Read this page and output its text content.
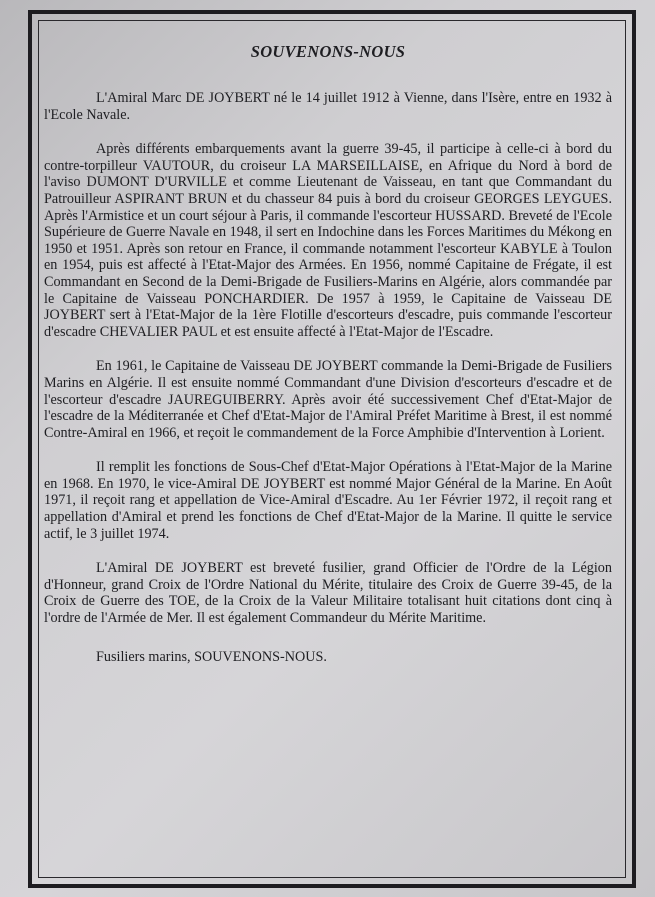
SOUVENONS-NOUS

L'Amiral Marc DE JOYBERT né le 14 juillet 1912 à Vienne, dans l'Isère, entre en 1932 à l'Ecole Navale.

Après différents embarquements avant la guerre 39-45, il participe à celle-ci à bord du contre-torpilleur VAUTOUR, du croiseur LA MARSEILLAISE, en Afrique du Nord à bord de l'aviso DUMONT D'URVILLE et comme Lieutenant de Vaisseau, en tant que Commandant du Patrouilleur ASPIRANT BRUN et du chasseur 84 puis à bord du croiseur GEORGES LEYGUES. Après l'Armistice et un court séjour à Paris, il commande l'escorteur HUSSARD. Breveté de l'Ecole Supérieure de Guerre Navale en 1948, il sert en Indochine dans les Forces Maritimes du Mékong en 1950 et 1951. Après son retour en France, il commande notamment l'escorteur KABYLE à Toulon en 1954, puis est affecté à l'Etat-Major des Armées. En 1956, nommé Capitaine de Frégate, il est Commandant en Second de la Demi-Brigade de Fusiliers-Marins en Algérie, alors commandée par le Capitaine de Vaisseau PONCHARDIER. De 1957 à 1959, le Capitaine de Vaisseau DE JOYBERT sert à l'Etat-Major de la 1ère Flotille d'escorteurs d'escadre, puis commande l'escorteur d'escadre CHEVALIER PAUL et est ensuite affecté à l'Etat-Major de l'Escadre.

En 1961, le Capitaine de Vaisseau DE JOYBERT commande la Demi-Brigade de Fusiliers Marins en Algérie. Il est ensuite nommé Commandant d'une Division d'escorteurs d'escadre et de l'escorteur d'escadre JAUREGUIBERRY. Après avoir été successivement Chef d'Etat-Major de l'escadre de la Méditerranée et Chef d'Etat-Major de l'Amiral Préfet Maritime à Brest, il est nommé Contre-Amiral en 1966, et reçoit le commandement de la Force Amphibie d'Intervention à Lorient.

Il remplit les fonctions de Sous-Chef d'Etat-Major Opérations à l'Etat-Major de la Marine en 1968. En 1970, le vice-Amiral DE JOYBERT est nommé Major Général de la Marine. En Août 1971, il reçoit rang et appellation de Vice-Amiral d'Escadre. Au 1er Février 1972, il reçoit rang et appellation d'Amiral et prend les fonctions de Chef d'Etat-Major de la Marine. Il quitte le service actif, le 3 juillet 1974.

L'Amiral DE JOYBERT est breveté fusilier, grand Officier de l'Ordre de la Légion d'Honneur, grand Croix de l'Ordre National du Mérite, titulaire des Croix de Guerre 39-45, de la Croix de Guerre des TOE, de la Croix de la Valeur Militaire totalisant huit citations dont cinq à l'ordre de l'Armée de Mer. Il est également Commandeur du Mérite Maritime.

Fusiliers marins, SOUVENONS-NOUS.
